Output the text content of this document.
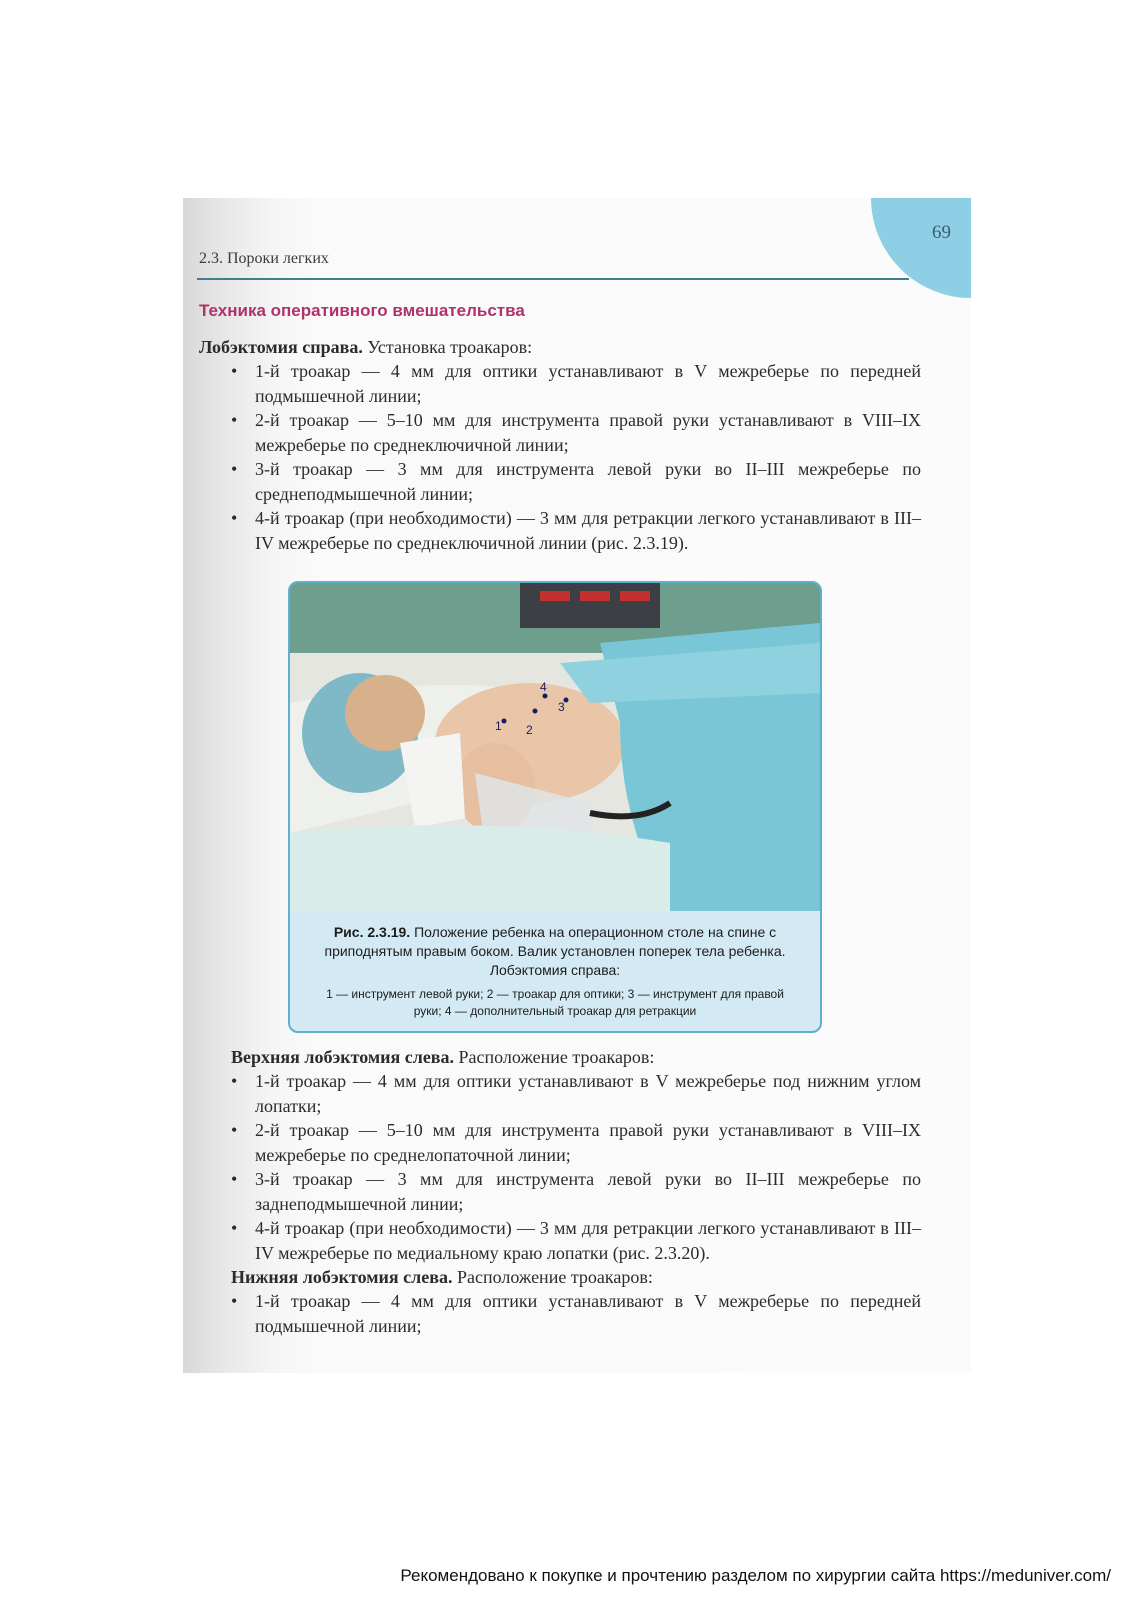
69
2.3. Пороки легких
Техника оперативного вмешательства
Лобэктомия справа. Установка троакаров:
• 1-й троакар — 4 мм для оптики устанавливают в V межреберье по передней подмышечной линии;
• 2-й троакар — 5–10 мм для инструмента правой руки устанавливают в VIII–IX межреберье по среднеключичной линии;
• 3-й троакар — 3 мм для инструмента левой руки во II–III межреберье по среднеподмышечной линии;
• 4-й троакар (при необходимости) — 3 мм для ретракции легкого устанавливают в III–IV межреберье по среднеключичной линии (рис. 2.3.19).
1 2
3
4
Рис. 2.3.19. Положение ребенка на операционном столе на спине с приподнятым правым боком. Валик установлен поперек тела ребенка. Лобэктомия справа:
1 — инструмент левой руки; 2 — троакар для оптики; 3 — инструмент для правой руки; 4 — дополнительный троакар для ретракции
Верхняя лобэктомия слева. Расположение троакаров:
• 1-й троакар — 4 мм для оптики устанавливают в V межреберье под нижним углом лопатки;
• 2-й троакар — 5–10 мм для инструмента правой руки устанавливают в VIII–IX межреберье по среднелопаточной линии;
• 3-й троакар — 3 мм для инструмента левой руки во II–III межреберье по заднеподмышечной линии;
• 4-й троакар (при необходимости) — 3 мм для ретракции легкого устанавливают в III–IV межреберье по медиальному краю лопатки (рис. 2.3.20).
Нижняя лобэктомия слева. Расположение троакаров:
• 1-й троакар — 4 мм для оптики устанавливают в V межреберье по передней подмышечной линии;
Рекомендовано к покупке и прочтению разделом по хирургии сайта https://meduniver.com/
